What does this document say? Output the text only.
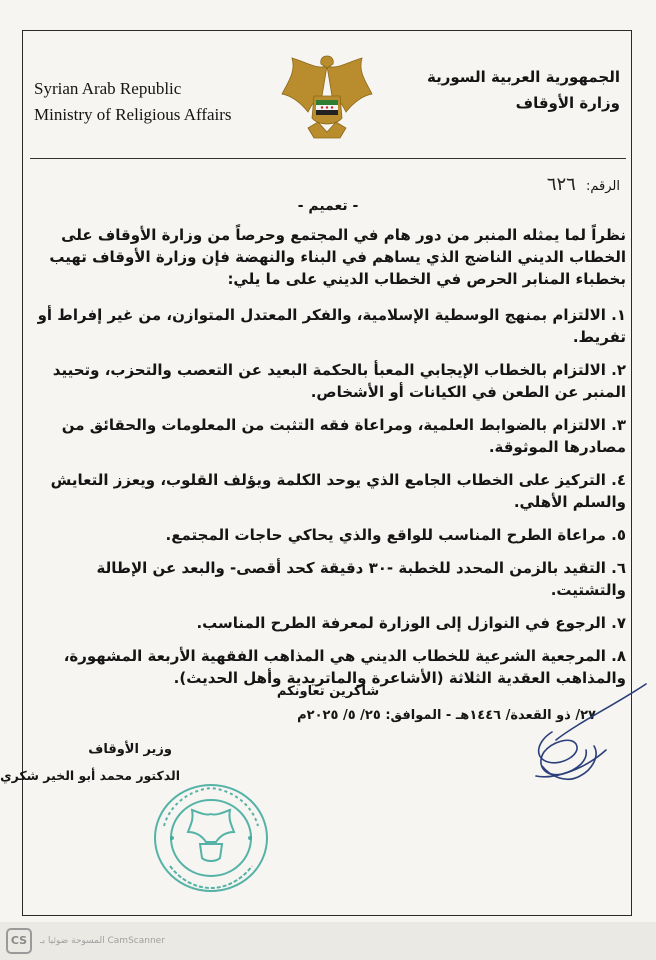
Syrian Arab Republic
Ministry of Religious Affairs
الجمهورية العربية السورية
وزارة الأوقاف
الرقم: ٦٢٦
- تعميم -

نظراً لما يمثله المنبر من دور هام في المجتمع وحرصاً من وزارة الأوقاف على الخطاب الديني الناضج الذي يساهم في البناء والنهضة فإن وزارة الأوقاف تهيب بخطباء المنابر الحرص في الخطاب الديني على ما يلي:

١. الالتزام بمنهج الوسطية الإسلامية، والفكر المعتدل المتوازن، من غير إفراط أو تفريط.

٢. الالتزام بالخطاب الإيجابي المعبأ بالحكمة البعيد عن التعصب والتحزب، وتحييد المنبر عن الطعن في الكيانات أو الأشخاص.

٣. الالتزام بالضوابط العلمية، ومراعاة فقه التثبت من المعلومات والحقائق من مصادرها الموثوقة.

٤. التركيز على الخطاب الجامع الذي يوحد الكلمة ويؤلف القلوب، ويعزز التعايش والسلم الأهلي.

٥. مراعاة الطرح المناسب للواقع والذي يحاكي حاجات المجتمع.

٦. التقيد بالزمن المحدد للخطبة -٣٠ دقيقة كحد أقصى- والبعد عن الإطالة والتشتيت.

٧. الرجوع في النوازل إلى الوزارة لمعرفة الطرح المناسب.

٨. المرجعية الشرعية للخطاب الديني هي المذاهب الفقهية الأربعة المشهورة، والمذاهب العقدية الثلاثة (الأشاعرة والماتريدية وأهل الحديث).

شاكرين تعاونكم
٢٧/ ذو القعدة/ ١٤٤٦هـ - الموافق: ٢٥/ ٥/ ٢٠٢٥م
وزير الأوقاف
الدكتور محمد أبو الخير شكري
CS	المسوحة ضوئيا بـ CamScanner
